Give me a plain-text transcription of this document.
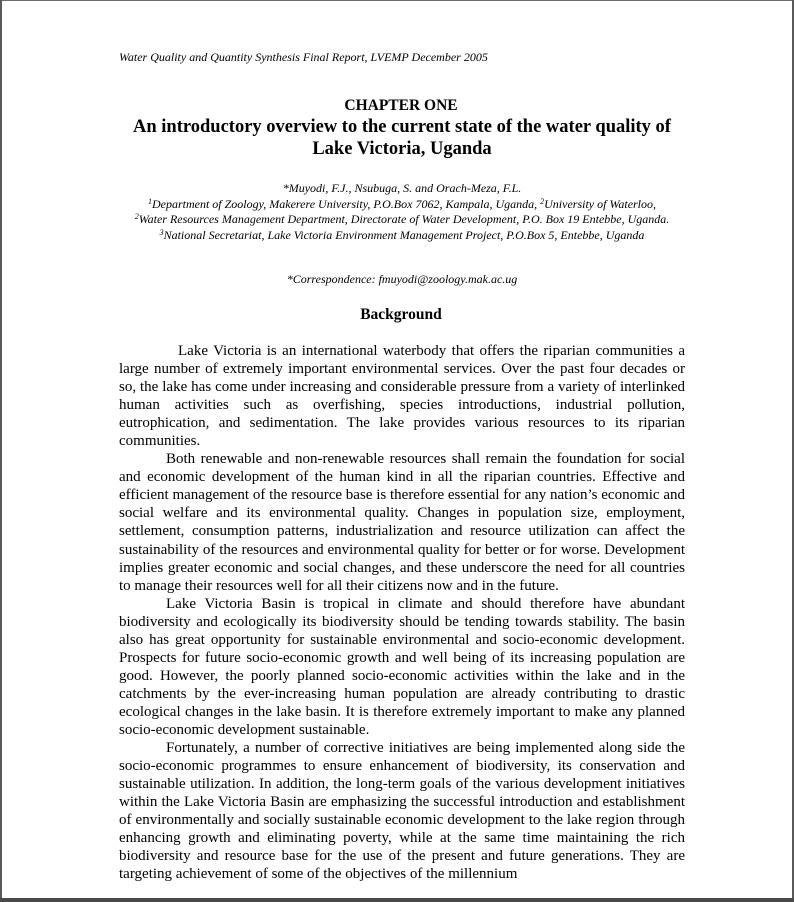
Water Quality and Quantity Synthesis Final Report, LVEMP December 2005
CHAPTER ONE
An introductory overview to the current state of the water quality of Lake Victoria, Uganda
*Muyodi, F.J., Nsubuga, S. and Orach-Meza, F.L.
$^1$Department of Zoology, Makerere University, P.O.Box 7062, Kampala, Uganda, $^2$University of Waterloo,
$^2$Water Resources Management Department, Directorate of Water Development, P.O. Box 19 Entebbe, Uganda.
$^3$National Secretariat, Lake Victoria Environment Management Project, P.O.Box 5, Entebbe, Uganda
*Correspondence: fmuyodi@zoology.mak.ac.ug
Background

Lake Victoria is an international waterbody that offers the riparian communities a large number of extremely important environmental services. Over the past four decades or so, the lake has come under increasing and considerable pressure from a variety of interlinked human activities such as overfishing, species introductions, industrial pollution, eutrophication, and sedimentation. The lake provides various resources to its riparian communities.

Both renewable and non-renewable resources shall remain the foundation for social and economic development of the human kind in all the riparian countries. Effective and efficient management of the resource base is therefore essential for any nation’s economic and social welfare and its environmental quality. Changes in population size, employment, settlement, consumption patterns, industrialization and resource utilization can affect the sustainability of the resources and environmental quality for better or for worse. Development implies greater economic and social changes, and these underscore the need for all countries to manage their resources well for all their citizens now and in the future.

Lake Victoria Basin is tropical in climate and should therefore have abundant biodiversity and ecologically its biodiversity should be tending towards stability. The basin also has great opportunity for sustainable environmental and socio-economic development. Prospects for future socio-economic growth and well being of its increasing population are good. However, the poorly planned socio-economic activities within the lake and in the catchments by the ever-increasing human population are already contributing to drastic ecological changes in the lake basin. It is therefore extremely important to make any planned socio-economic development sustainable.

Fortunately, a number of corrective initiatives are being implemented along side the socio-economic programmes to ensure enhancement of biodiversity, its conservation and sustainable utilization. In addition, the long-term goals of the various development initiatives within the Lake Victoria Basin are emphasizing the successful introduction and establishment of environmentally and socially sustainable economic development to the lake region through enhancing growth and eliminating poverty, while at the same time maintaining the rich biodiversity and resource base for the use of the present and future generations. They are targeting achievement of some of the objectives of the millennium
